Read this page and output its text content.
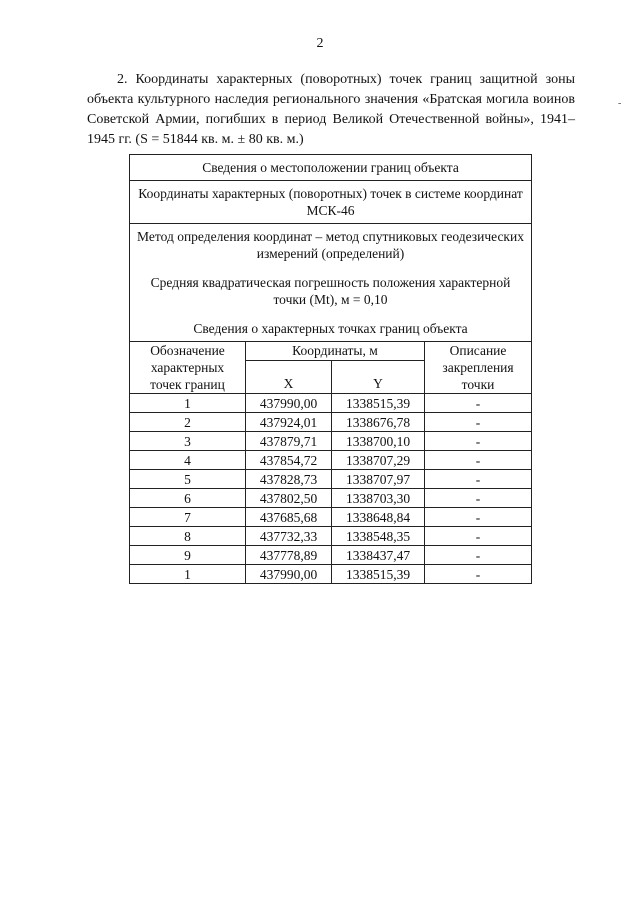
2
-

2. Координаты характерных (поворотных) точек границ защитной зоны объекта культурного наследия регионального значения «Братская могила воинов Советской Армии, погибших в период Великой Отечественной войны», 1941–1945 гг. (S = 51844 кв. м. ± 80 кв. м.)

Сведения о местоположении границ объекта			
Координаты характерных (поворотных) точек в системе координат МСК-46			

Метод определения координат – метод спутниковых геодезических измерений (определений)

Средняя квадратическая погрешность положения характерной точки (Mt), м = 0,10

Сведения о характерных точках границ объекта			

Обозначение характерных точек границ	Координаты, м		Описание закрепления точки
	X	Y	
1	437990,00	1338515,39	-
2	437924,01	1338676,78	-
3	437879,71	1338700,10	-
4	437854,72	1338707,29	-
5	437828,73	1338707,97	-
6	437802,50	1338703,30	-
7	437685,68	1338648,84	-
8	437732,33	1338548,35	-
9	437778,89	1338437,47	-
1	437990,00	1338515,39	-
